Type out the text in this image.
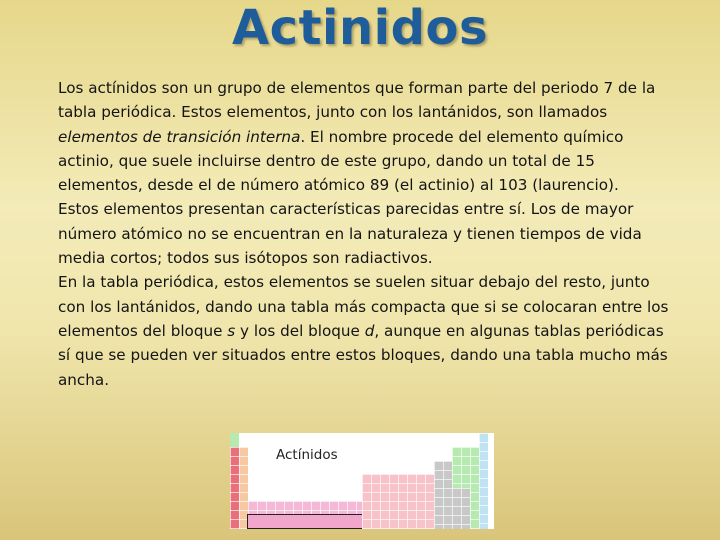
Actinidos

Los actínidos son un grupo de elementos que forman parte del periodo 7 de la tabla periódica. Estos elementos, junto con los lantánidos, son llamados elementos de transición interna. El nombre procede del elemento químico actinio, que suele incluirse dentro de este grupo, dando un total de 15 elementos, desde el de número atómico 89 (el actinio) al 103 (laurencio).

Estos elementos presentan características parecidas entre sí. Los de mayor número atómico no se encuentran en la naturaleza y tienen tiempos de vida media cortos; todos sus isótopos son radiactivos.

En la tabla periódica, estos elementos se suelen situar debajo del resto, junto con los lantánidos, dando una tabla más compacta que si se colocaran entre los elementos del bloque s y los del bloque d, aunque en algunas tablas periódicas sí que se pueden ver situados entre estos bloques, dando una tabla mucho más ancha.

Actínidos
